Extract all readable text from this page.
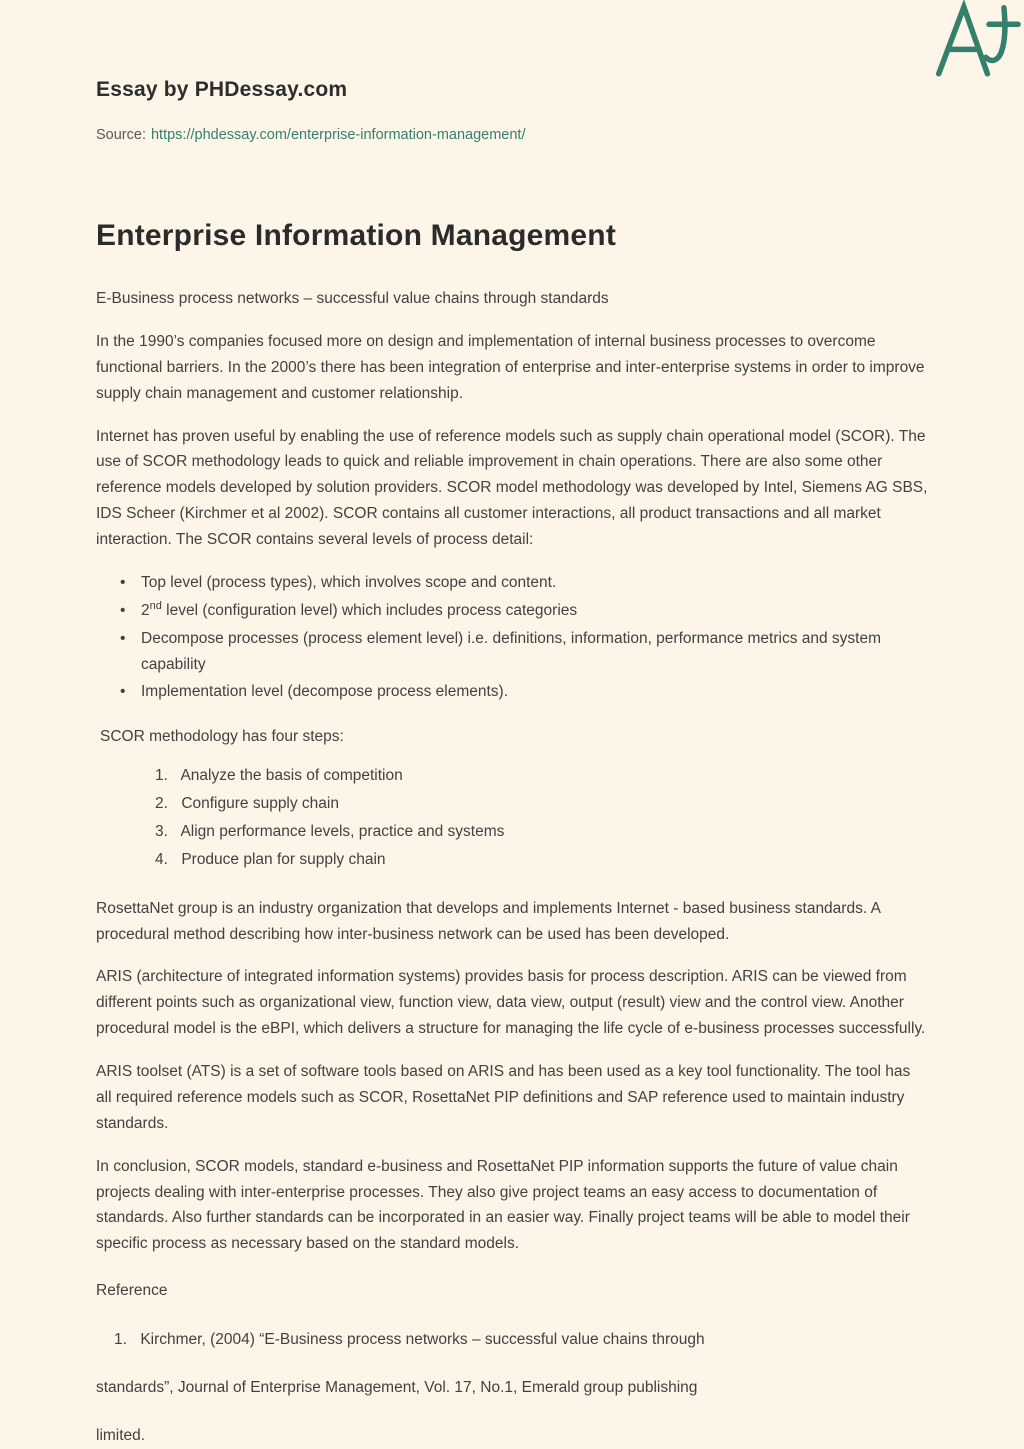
Essay by PHDessay.com
Source: https://phdessay.com/enterprise-information-management/
Enterprise Information Management

E-Business process networks – successful value chains through standards

In the 1990’s companies focused more on design and implementation of internal business processes to overcome functional barriers. In the 2000’s there has been integration of enterprise and inter-enterprise systems in order to improve supply chain management and customer relationship.

Internet has proven useful by enabling the use of reference models such as supply chain operational model (SCOR). The use of SCOR methodology leads to quick and reliable improvement in chain operations. There are also some other reference models developed by solution providers. SCOR model methodology was developed by Intel, Siemens AG SBS, IDS Scheer (Kirchmer et al 2002). SCOR contains all customer interactions, all product transactions and all market interaction. The SCOR contains several levels of process detail:

• Top level (process types), which involves scope and content.
• 2nd level (configuration level) which includes process categories
• Decompose processes (process element level) i.e. definitions, information, performance metrics and system capability
• Implementation level (decompose process elements).

SCOR methodology has four steps:

1. Analyze the basis of competition
2. Configure supply chain
3. Align performance levels, practice and systems
4. Produce plan for supply chain

RosettaNet group is an industry organization that develops and implements Internet - based business standards. A procedural method describing how inter-business network can be used has been developed.

ARIS (architecture of integrated information systems) provides basis for process description. ARIS can be viewed from different points such as organizational view, function view, data view, output (result) view and the control view. Another procedural model is the eBPI, which delivers a structure for managing the life cycle of e-business processes successfully.

ARIS toolset (ATS) is a set of software tools based on ARIS and has been used as a key tool functionality. The tool has all required reference models such as SCOR, RosettaNet PIP definitions and SAP reference used to maintain industry standards.

In conclusion, SCOR models, standard e-business and RosettaNet PIP information supports the future of value chain projects dealing with inter-enterprise processes. They also give project teams an easy access to documentation of standards. Also further standards can be incorporated in an easier way. Finally project teams will be able to model their specific process as necessary based on the standard models.

Reference

1. Kirchmer, (2004) “E-Business process networks – successful value chains through
standards”, Journal of Enterprise Management, Vol. 17, No.1, Emerald group publishing
limited.
